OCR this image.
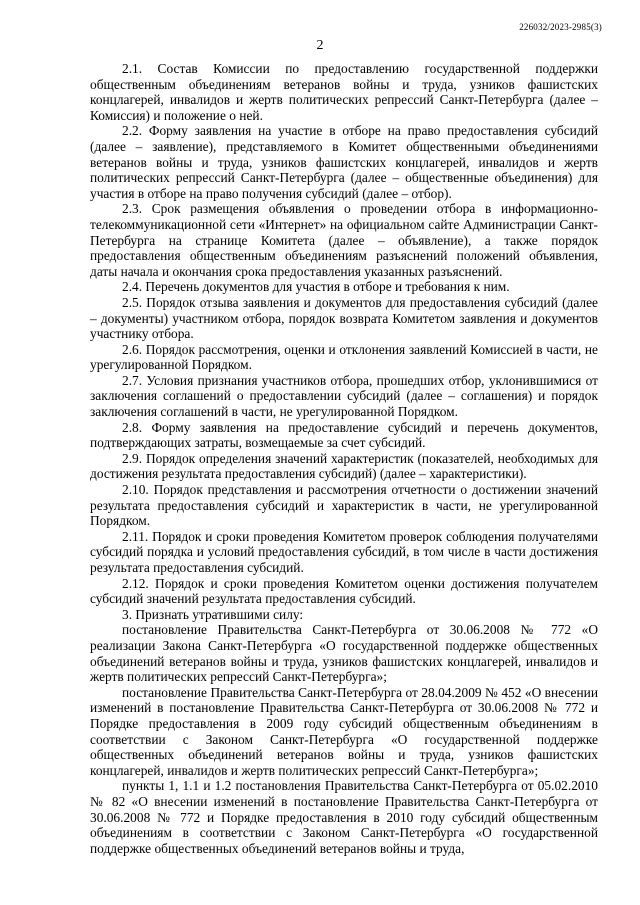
226032/2023-2985(3)
2

2.1. Состав Комиссии по предоставлению государственной поддержки общественным объединениям ветеранов войны и труда, узников фашистских концлагерей, инвалидов и жертв политических репрессий Санкт-Петербурга (далее – Комиссия) и положение о ней.

2.2. Форму заявления на участие в отборе на право предоставления субсидий (далее – заявление), представляемого в Комитет общественными объединениями ветеранов войны и труда, узников фашистских концлагерей, инвалидов и жертв политических репрессий Санкт-Петербурга (далее – общественные объединения) для участия в отборе на право получения субсидий (далее – отбор).

2.3. Срок размещения объявления о проведении отбора в информационно-телекоммуникационной сети «Интернет» на официальном сайте Администрации Санкт-Петербурга на странице Комитета (далее – объявление), а также порядок предоставления общественным объединениям разъяснений положений объявления, даты начала и окончания срока предоставления указанных разъяснений.

2.4. Перечень документов для участия в отборе и требования к ним.

2.5. Порядок отзыва заявления и документов для предоставления субсидий (далее – документы) участником отбора, порядок возврата Комитетом заявления и документов участнику отбора.

2.6. Порядок рассмотрения, оценки и отклонения заявлений Комиссией в части, не урегулированной Порядком.

2.7. Условия признания участников отбора, прошедших отбор, уклонившимися от заключения соглашений о предоставлении субсидий (далее – соглашения) и порядок заключения соглашений в части, не урегулированной Порядком.

2.8. Форму заявления на предоставление субсидий и перечень документов, подтверждающих затраты, возмещаемые за счет субсидий.

2.9. Порядок определения значений характеристик (показателей, необходимых для достижения результата предоставления субсидий) (далее – характеристики).

2.10. Порядок представления и рассмотрения отчетности о достижении значений результата предоставления субсидий и характеристик в части, не урегулированной Порядком.

2.11. Порядок и сроки проведения Комитетом проверок соблюдения получателями субсидий порядка и условий предоставления субсидий, в том числе в части достижения результата предоставления субсидий.

2.12. Порядок и сроки проведения Комитетом оценки достижения получателем субсидий значений результата предоставления субсидий.

3. Признать утратившими силу:

постановление Правительства Санкт-Петербурга от 30.06.2008 № 772 «О реализации Закона Санкт-Петербурга «О государственной поддержке общественных объединений ветеранов войны и труда, узников фашистских концлагерей, инвалидов и жертв политических репрессий Санкт-Петербурга»;

постановление Правительства Санкт-Петербурга от 28.04.2009 № 452 «О внесении изменений в постановление Правительства Санкт-Петербурга от 30.06.2008 № 772 и Порядке предоставления в 2009 году субсидий общественным объединениям в соответствии с Законом Санкт-Петербурга «О государственной поддержке общественных объединений ветеранов войны и труда, узников фашистских концлагерей, инвалидов и жертв политических репрессий Санкт-Петербурга»;

пункты 1, 1.1 и 1.2 постановления Правительства Санкт-Петербурга от 05.02.2010 № 82 «О внесении изменений в постановление Правительства Санкт-Петербурга от 30.06.2008 № 772 и Порядке предоставления в 2010 году субсидий общественным объединениям в соответствии с Законом Санкт-Петербурга «О государственной поддержке общественных объединений ветеранов войны и труда,
